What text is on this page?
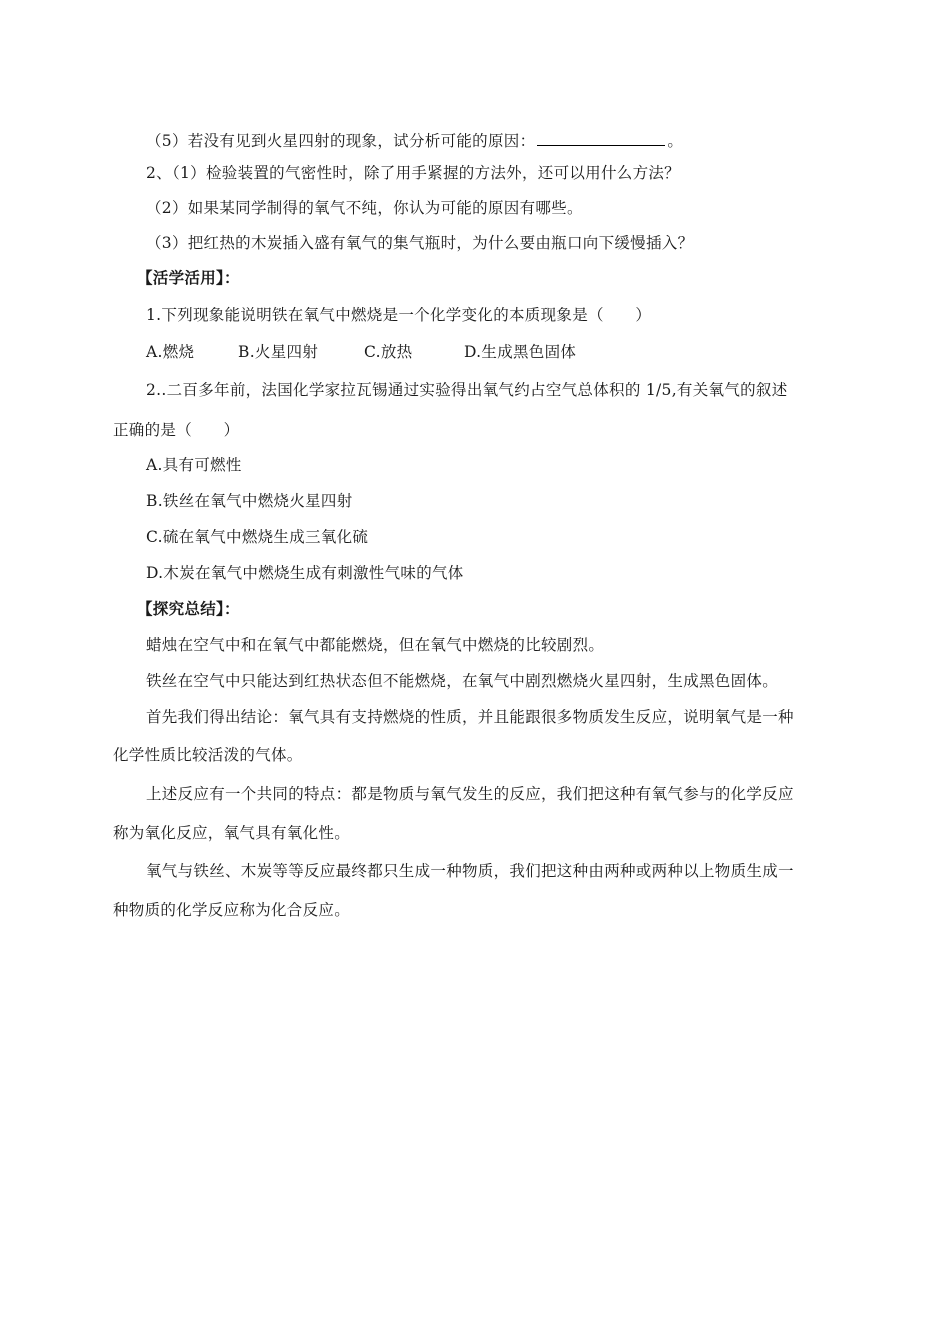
（5）若没有见到火星四射的现象，试分析可能的原因：	。
2、（1）检验装置的气密性时，除了用手紧握的方法外，还可以用什么方法？
（2）如果某同学制得的氧气不纯，你认为可能的原因有哪些。
（3）把红热的木炭插入盛有氧气的集气瓶时，为什么要由瓶口向下缓慢插入？
【活学活用】：
1.下列现象能说明铁在氧气中燃烧是一个化学变化的本质现象是（　　）
A.燃烧	B.火星四射	C.放热	D.生成黑色固体
2..二百多年前，法国化学家拉瓦锡通过实验得出氧气约占空气总体积的 1/5,有关氧气的叙述
正确的是（　　）
A.具有可燃性
B.铁丝在氧气中燃烧火星四射
C.硫在氧气中燃烧生成三氧化硫
D.木炭在氧气中燃烧生成有刺激性气味的气体
【探究总结】：
蜡烛在空气中和在氧气中都能燃烧，但在氧气中燃烧的比较剧烈。
铁丝在空气中只能达到红热状态但不能燃烧，在氧气中剧烈燃烧火星四射，生成黑色固体。
首先我们得出结论：氧气具有支持燃烧的性质，并且能跟很多物质发生反应，说明氧气是一种
化学性质比较活泼的气体。
上述反应有一个共同的特点：都是物质与氧气发生的反应，我们把这种有氧气参与的化学反应
称为氧化反应，氧气具有氧化性。
氧气与铁丝、木炭等等反应最终都只生成一种物质，我们把这种由两种或两种以上物质生成一
种物质的化学反应称为化合反应。
